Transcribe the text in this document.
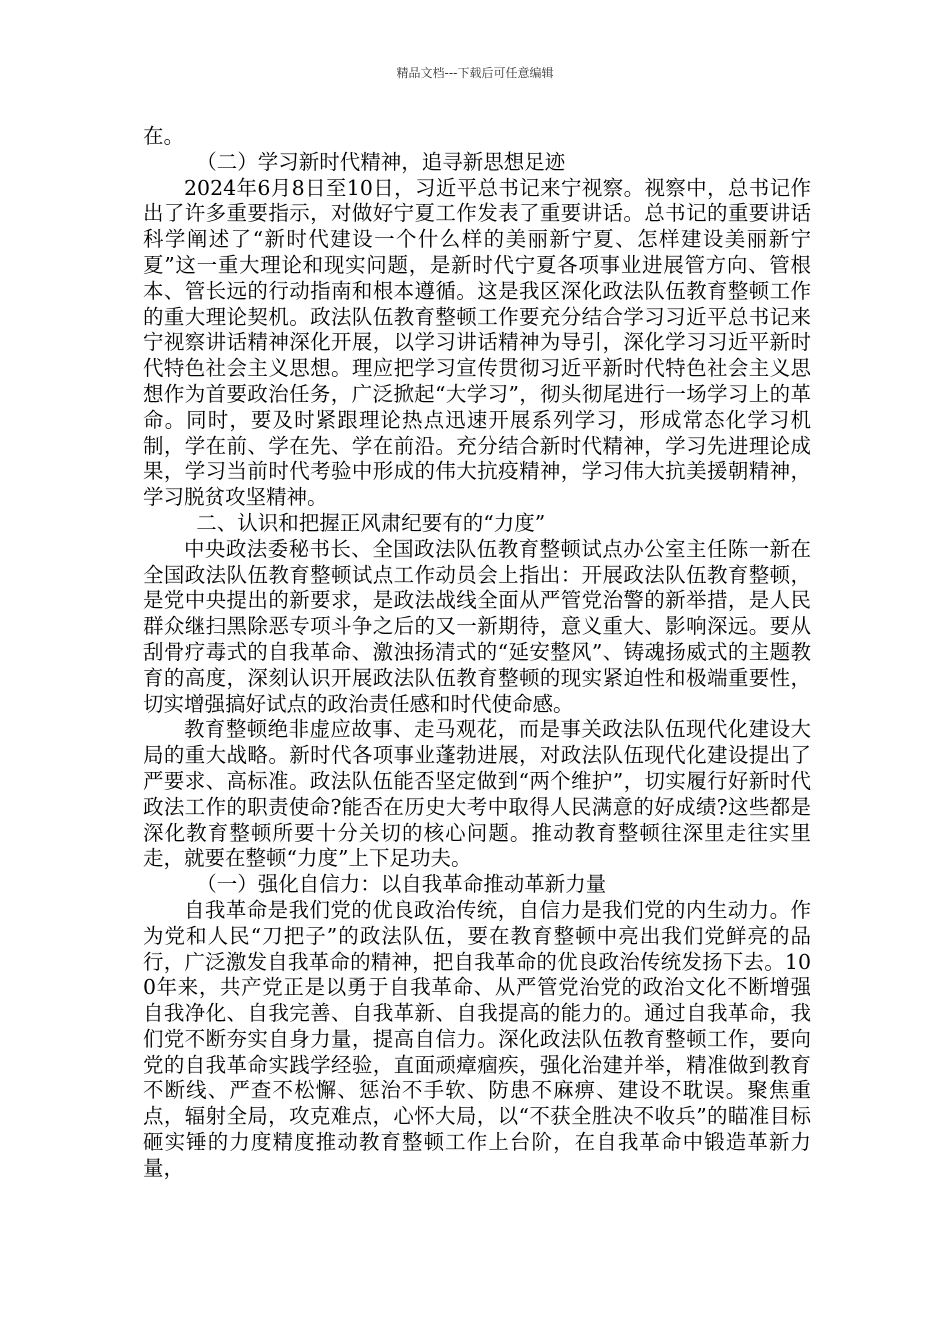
精品文档---下载后可任意编辑

在。

（二）学习新时代精神，追寻新思想足迹

2024年6月8日至10日，习近平总书记来宁视察。视察中，总书记作出了许多重要指示，对做好宁夏工作发表了重要讲话。总书记的重要讲话科学阐述了“新时代建设一个什么样的美丽新宁夏、怎样建设美丽新宁夏”这一重大理论和现实问题，是新时代宁夏各项事业进展管方向、管根本、管长远的行动指南和根本遵循。这是我区深化政法队伍教育整顿工作的重大理论契机。政法队伍教育整顿工作要充分结合学习习近平总书记来宁视察讲话精神深化开展，以学习讲话精神为导引，深化学习习近平新时代特色社会主义思想。理应把学习宣传贯彻习近平新时代特色社会主义思想作为首要政治任务，广泛掀起“大学习”，彻头彻尾进行一场学习上的革命。同时，要及时紧跟理论热点迅速开展系列学习，形成常态化学习机制，学在前、学在先、学在前沿。充分结合新时代精神，学习先进理论成果，学习当前时代考验中形成的伟大抗疫精神，学习伟大抗美援朝精神，学习脱贫攻坚精神。

二、认识和把握正风肃纪要有的“力度”

中央政法委秘书长、全国政法队伍教育整顿试点办公室主任陈一新在全国政法队伍教育整顿试点工作动员会上指出：开展政法队伍教育整顿，是党中央提出的新要求，是政法战线全面从严管党治警的新举措，是人民群众继扫黑除恶专项斗争之后的又一新期待，意义重大、影响深远。要从刮骨疗毒式的自我革命、激浊扬清式的“延安整风”、铸魂扬威式的主题教育的高度，深刻认识开展政法队伍教育整顿的现实紧迫性和极端重要性，切实增强搞好试点的政治责任感和时代使命感。

教育整顿绝非虚应故事、走马观花，而是事关政法队伍现代化建设大局的重大战略。新时代各项事业蓬勃进展，对政法队伍现代化建设提出了严要求、高标准。政法队伍能否坚定做到“两个维护”，切实履行好新时代政法工作的职责使命?能否在历史大考中取得人民满意的好成绩?这些都是深化教育整顿所要十分关切的核心问题。推动教育整顿往深里走往实里走，就要在整顿“力度”上下足功夫。

（一）强化自信力：以自我革命推动革新力量

自我革命是我们党的优良政治传统，自信力是我们党的内生动力。作为党和人民“刀把子”的政法队伍，要在教育整顿中亮出我们党鲜亮的品行，广泛激发自我革命的精神，把自我革命的优良政治传统发扬下去。100年来，共产党正是以勇于自我革命、从严管党治党的政治文化不断增强自我净化、自我完善、自我革新、自我提高的能力的。通过自我革命，我们党不断夯实自身力量，提高自信力。深化政法队伍教育整顿工作，要向党的自我革命实践学经验，直面顽瘴痼疾，强化治建并举，精准做到教育不断线、严查不松懈、惩治不手软、防患不麻痹、建设不耽误。聚焦重点，辐射全局，攻克难点，心怀大局，以“不获全胜决不收兵”的瞄准目标砸实锤的力度精度推动教育整顿工作上台阶，在自我革命中锻造革新力量，
